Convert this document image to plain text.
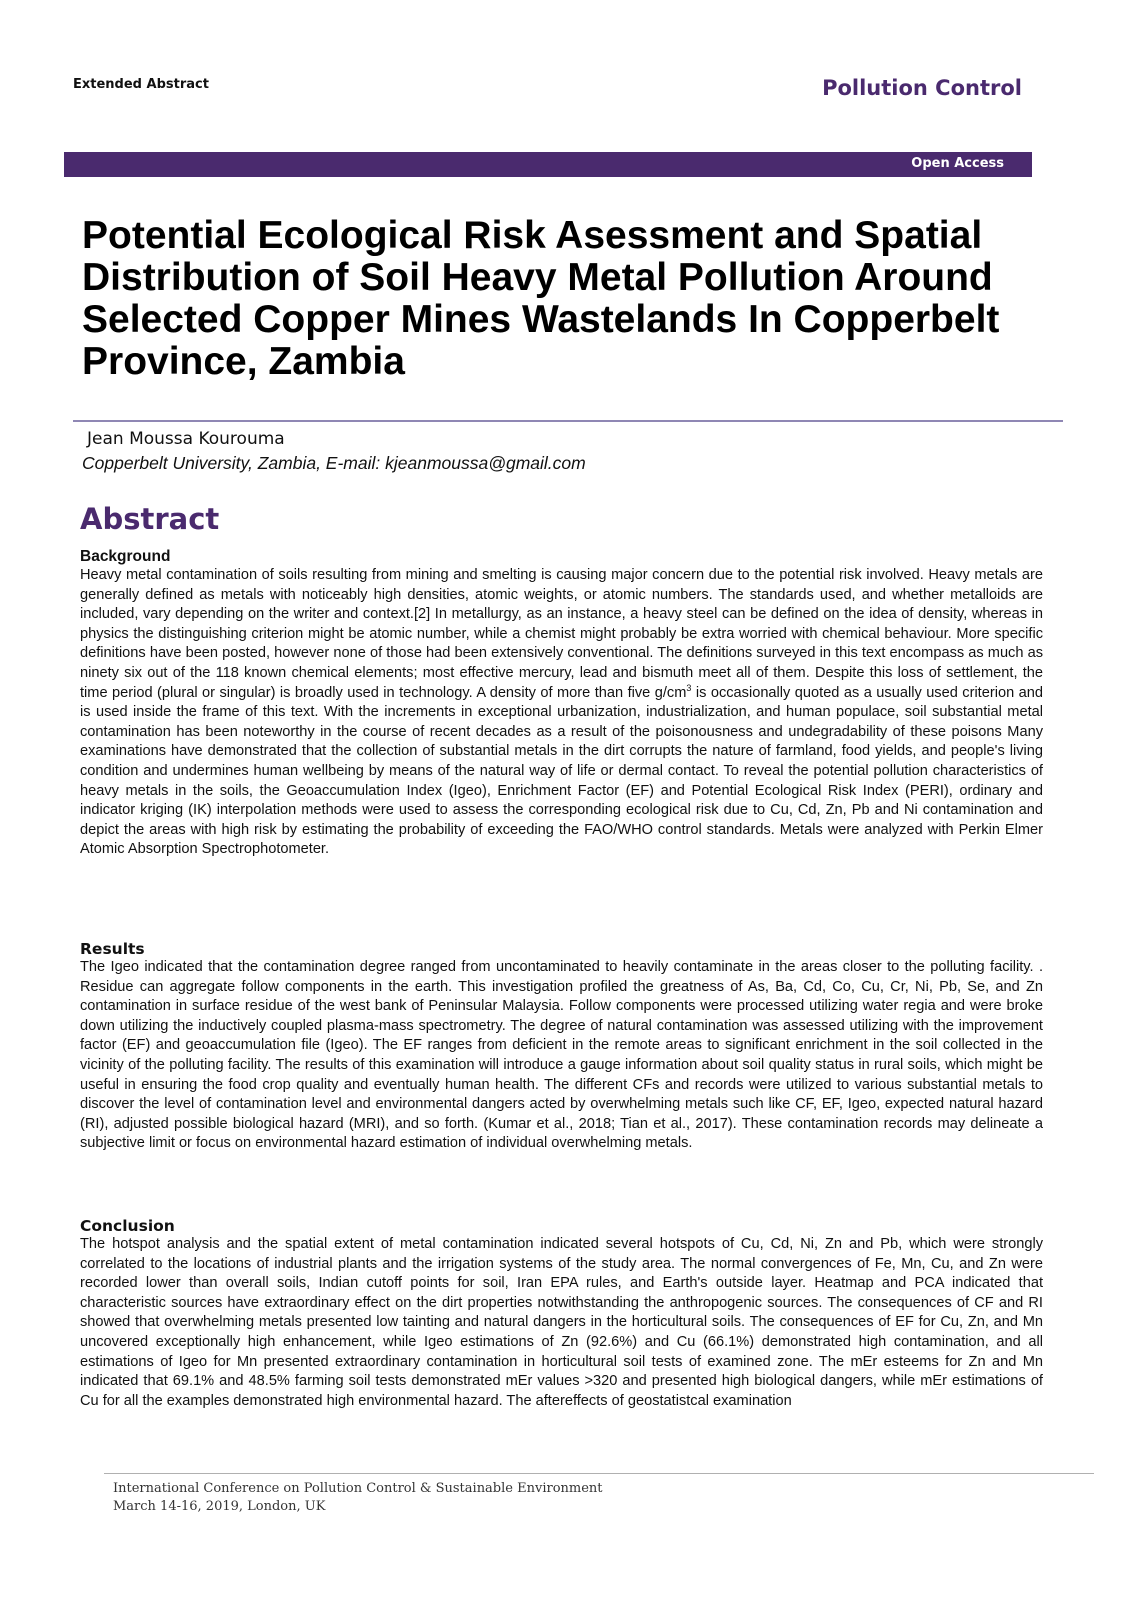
Extended Abstract	Pollution Control
Open Access
Potential Ecological Risk Asessment and Spatial Distribution of Soil Heavy Metal Pollution Around Selected Copper Mines Wastelands In Copperbelt Province, Zambia
Jean Moussa Kourouma
Copperbelt University, Zambia, E-mail: kjeanmoussa@gmail.com
Abstract
Background

Heavy metal contamination of soils resulting from mining and smelting is causing major concern due to the potential risk involved. Heavy metals are generally defined as metals with noticeably high densities, atomic weights, or atomic numbers. The standards used, and whether metalloids are included, vary depending on the writer and context.[2] In metallurgy, as an instance, a heavy steel can be defined on the idea of density, whereas in physics the distinguishing criterion might be atomic number, while a chemist might probably be extra worried with chemical behaviour. More specific definitions have been posted, however none of those had been extensively conventional. The definitions surveyed in this text encompass as much as ninety six out of the 118 known chemical elements; most effective mercury, lead and bismuth meet all of them. Despite this loss of settlement, the time period (plural or singular) is broadly used in technology. A density of more than five $g/cm^3$ is occasionally quoted as a usually used criterion and is used inside the frame of this text. With the increments in exceptional urbanization, industrialization, and human populace, soil substantial metal contamination has been noteworthy in the course of recent decades as a result of the poisonousness and undegradability of these poisons Many examinations have demonstrated that the collection of substantial metals in the dirt corrupts the nature of farmland, food yields, and people's living condition and undermines human wellbeing by means of the natural way of life or dermal contact. To reveal the potential pollution characteristics of heavy metals in the soils, the Geoaccumulation Index (Igeo), Enrichment Factor (EF) and Potential Ecological Risk Index (PERI), ordinary and indicator kriging (IK) interpolation methods were used to assess the corresponding ecological risk due to Cu, Cd, Zn, Pb and Ni contamination and depict the areas with high risk by estimating the probability of exceeding the FAO/WHO control standards. Metals were analyzed with Perkin Elmer Atomic Absorption Spectrophotometer.

Results

The Igeo indicated that the contamination degree ranged from uncontaminated to heavily contaminate in the areas closer to the polluting facility. . Residue can aggregate follow components in the earth. This investigation profiled the greatness of As, Ba, Cd, Co, Cu, Cr, Ni, Pb, Se, and Zn contamination in surface residue of the west bank of Peninsular Malaysia. Follow components were processed utilizing water regia and were broke down utilizing the inductively coupled plasma-mass spectrometry. The degree of natural contamination was assessed utilizing with the improvement factor (EF) and geoaccumulation file (Igeo). The EF ranges from deficient in the remote areas to significant enrichment in the soil collected in the vicinity of the polluting facility. The results of this examination will introduce a gauge information about soil quality status in rural soils, which might be useful in ensuring the food crop quality and eventually human health. The different CFs and records were utilized to various substantial metals to discover the level of contamination level and environmental dangers acted by overwhelming metals such like CF, EF, Igeo, expected natural hazard (RI), adjusted possible biological hazard (MRI), and so forth. (Kumar et al., 2018; Tian et al., 2017). These contamination records may delineate a subjective limit or focus on environmental hazard estimation of individual overwhelming metals.

Conclusion

The hotspot analysis and the spatial extent of metal contamination indicated several hotspots of Cu, Cd, Ni, Zn and Pb, which were strongly correlated to the locations of industrial plants and the irrigation systems of the study area. The normal convergences of Fe, Mn, Cu, and Zn were recorded lower than overall soils, Indian cutoff points for soil, Iran EPA rules, and Earth's outside layer. Heatmap and PCA indicated that characteristic sources have extraordinary effect on the dirt properties notwithstanding the anthropogenic sources. The consequences of CF and RI showed that overwhelming metals presented low tainting and natural dangers in the horticultural soils. The consequences of EF for Cu, Zn, and Mn uncovered exceptionally high enhancement, while Igeo estimations of Zn (92.6%) and Cu (66.1%) demonstrated high contamination, and all estimations of Igeo for Mn presented extraordinary contamination in horticultural soil tests of examined zone. The mEr esteems for Zn and Mn indicated that 69.1% and 48.5% farming soil tests demonstrated mEr values >320 and presented high biological dangers, while mEr estimations of Cu for all the examples demonstrated high environmental hazard. The aftereffects of geostatistcal examination

International Conference on Pollution Control & Sustainable Environment
March 14-16, 2019, London, UK
